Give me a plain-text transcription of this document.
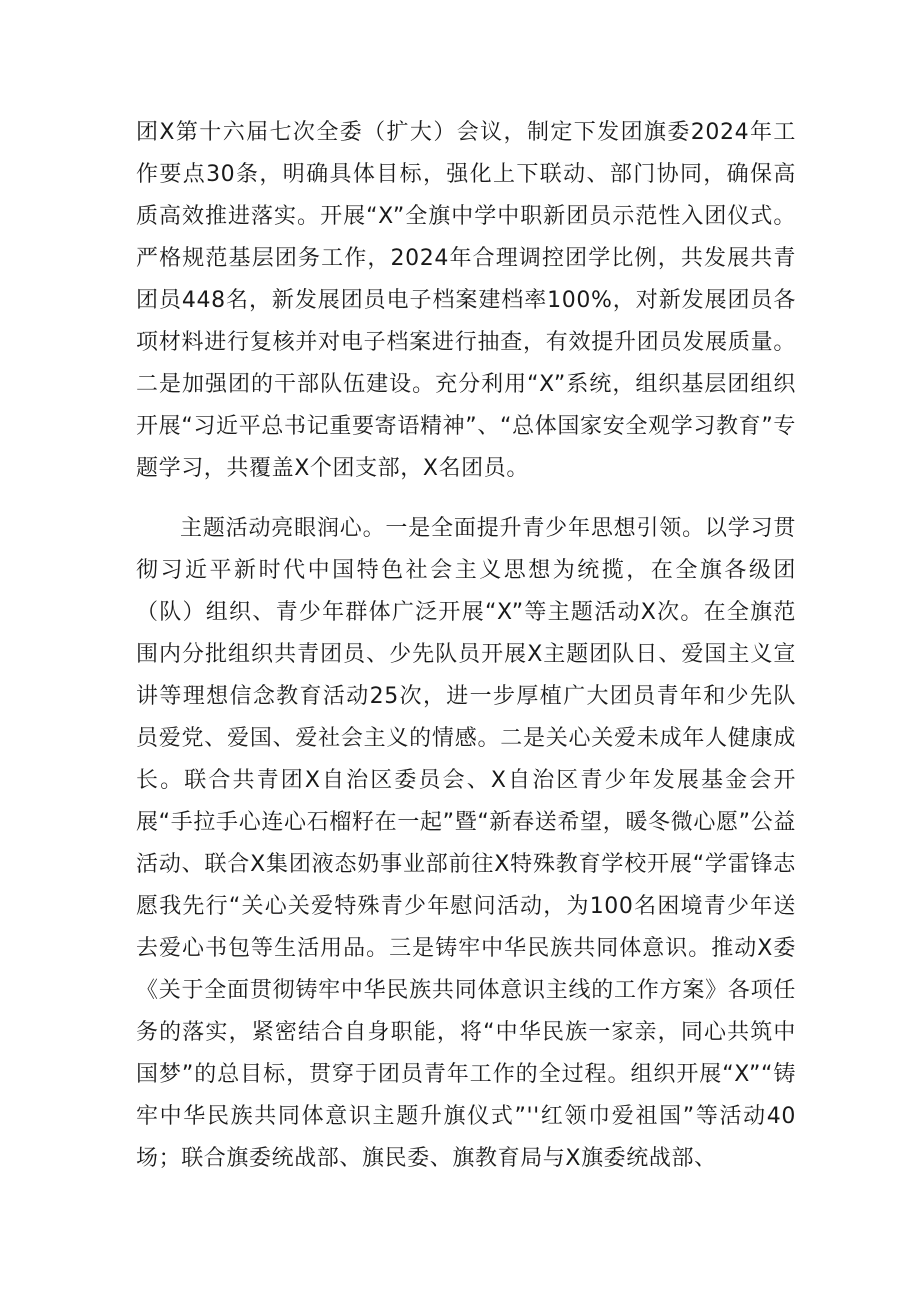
团X第十六届七次全委（扩大）会议，制定下发团旗委2024年工作要点30条，明确具体目标，强化上下联动、部门协同，确保高质高效推进落实。开展“X”全旗中学中职新团员示范性入团仪式。严格规范基层团务工作，2024年合理调控团学比例，共发展共青团员448名，新发展团员电子档案建档率100%，对新发展团员各项材料进行复核并对电子档案进行抽查，有效提升团员发展质量。二是加强团的干部队伍建设。充分利用“X”系统，组织基层团组织开展“习近平总书记重要寄语精神”、“总体国家安全观学习教育”专题学习，共覆盖X个团支部，X名团员。

主题活动亮眼润心。一是全面提升青少年思想引领。以学习贯彻习近平新时代中国特色社会主义思想为统揽，在全旗各级团（队）组织、青少年群体广泛开展“X”等主题活动X次。在全旗范围内分批组织共青团员、少先队员开展X主题团队日、爱国主义宣讲等理想信念教育活动25次，进一步厚植广大团员青年和少先队员爱党、爱国、爱社会主义的情感。二是关心关爱未成年人健康成长。联合共青团X自治区委员会、X自治区青少年发展基金会开展“手拉手心连心石榴籽在一起”暨“新春送希望，暖冬微心愿”公益活动、联合X集团液态奶事业部前往X特殊教育学校开展“学雷锋志愿我先行“关心关爱特殊青少年慰问活动，为100名困境青少年送去爱心书包等生活用品。三是铸牢中华民族共同体意识。推动X委《关于全面贯彻铸牢中华民族共同体意识主线的工作方案》各项任务的落实，紧密结合自身职能，将“中华民族一家亲，同心共筑中国梦”的总目标，贯穿于团员青年工作的全过程。组织开展“X”“铸牢中华民族共同体意识主题升旗仪式”''红领巾爱祖国”等活动40场；联合旗委统战部、旗民委、旗教育局与X旗委统战部、
